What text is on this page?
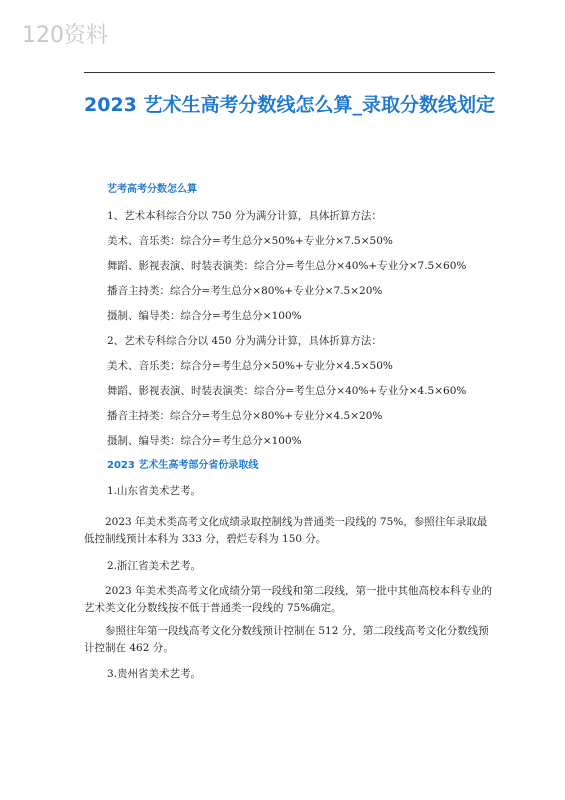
120资料
2023 艺术生高考分数线怎么算_录取分数线划定

艺考高考分数怎么算

1、艺术本科综合分以 750 分为满分计算，具体折算方法：

美术、音乐类：综合分=考生总分×50%+专业分×7.5×50%

舞蹈、影视表演、时装表演类：综合分=考生总分×40%+专业分×7.5×60%

播音主持类：综合分=考生总分×80%+专业分×7.5×20%

摄制、编导类：综合分=考生总分×100%

2、艺术专科综合分以 450 分为满分计算，具体折算方法：

美术、音乐类：综合分=考生总分×50%+专业分×4.5×50%

舞蹈、影视表演、时装表演类：综合分=考生总分×40%+专业分×4.5×60%

播音主持类：综合分=考生总分×80%+专业分×4.5×20%

摄制、编导类：综合分=考生总分×100%

2023 艺术生高考部分省份录取线

1.山东省美术艺考。

2023 年美术类高考文化成绩录取控制线为普通类一段线的 75%，参照往年录取最低控制线预计本科为 333 分，碧烂专科为 150 分。

2.浙江省美术艺考。

2023 年美术类高考文化成绩分第一段线和第二段线，第一批中其他高校本科专业的艺术类文化分数线按不低于普通类一段线的 75%确定。

参照往年第一段线高考文化分数线预计控制在 512 分，第二段线高考文化分数线预计控制在 462 分。

3.贵州省美术艺考。
